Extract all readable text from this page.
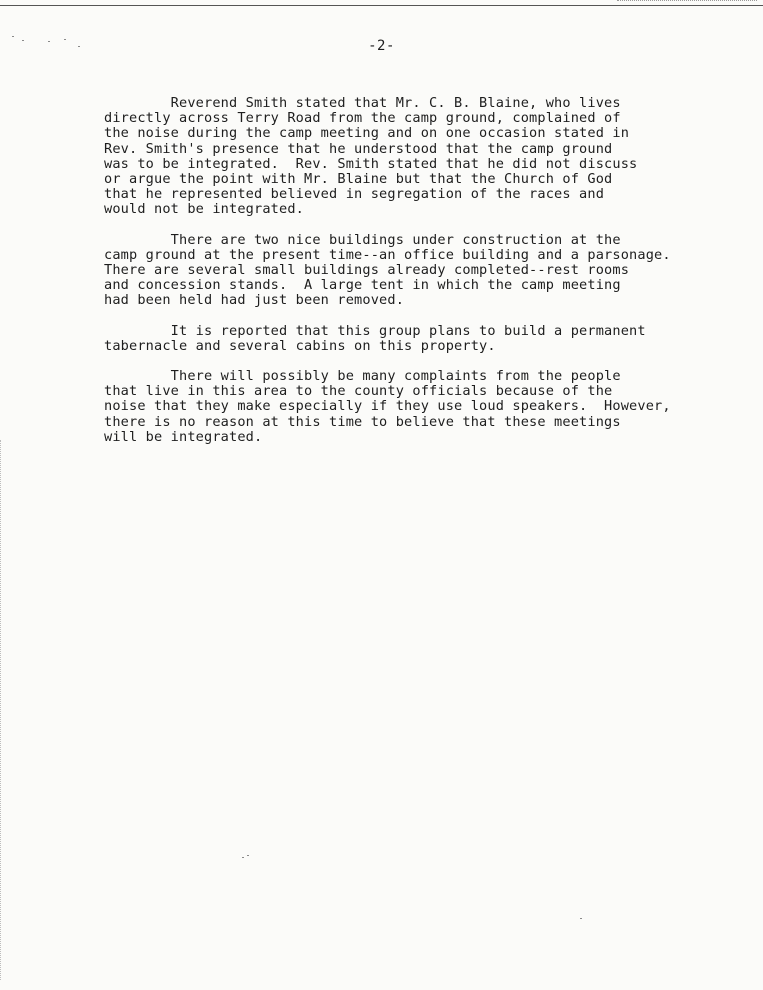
-2-
Reverend Smith stated that Mr. C. B. Blaine, who lives
directly across Terry Road from the camp ground, complained of
the noise during the camp meeting and on one occasion stated in
Rev. Smith's presence that he understood that the camp ground
was to be integrated.  Rev. Smith stated that he did not discuss
or argue the point with Mr. Blaine but that the Church of God
that he represented believed in segregation of the races and
would not be integrated.
There are two nice buildings under construction at the
camp ground at the present time--an office building and a parsonage.
There are several small buildings already completed--rest rooms
and concession stands.  A large tent in which the camp meeting
had been held had just been removed.
It is reported that this group plans to build a permanent
tabernacle and several cabins on this property.
There will possibly be many complaints from the people
that live in this area to the county officials because of the
noise that they make especially if they use loud speakers.  However,
there is no reason at this time to believe that these meetings
will be integrated.
